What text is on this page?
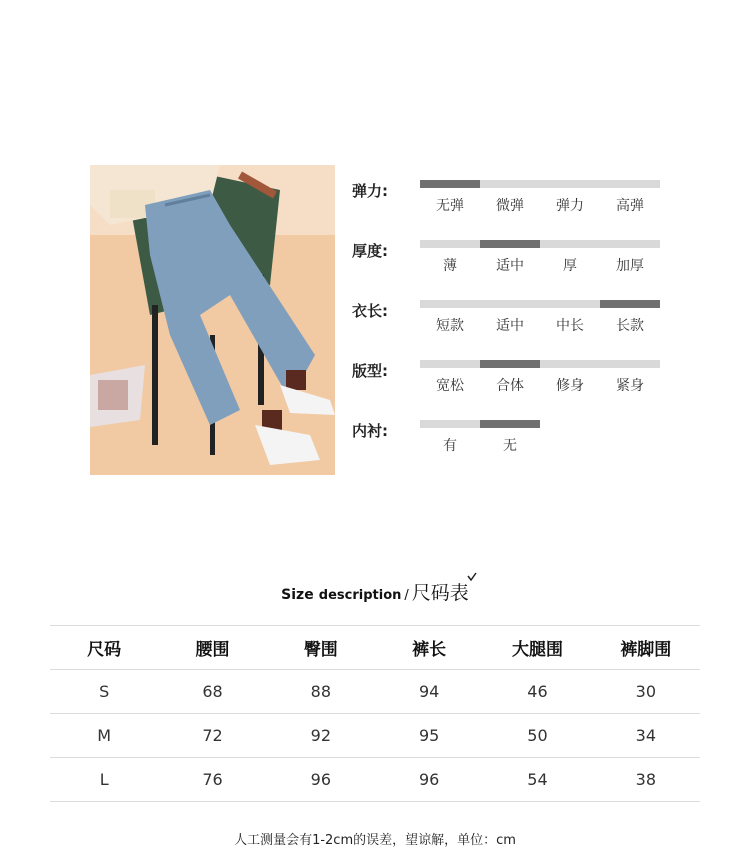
弹力:
无弹	微弹	弹力	高弹
厚度:
薄	适中	厚	加厚
衣长:
短款	适中	中长	长款
版型:
宽松	合体	修身	紧身
内衬:
有	无
Size description / 尺码表
尺码	腰围	臀围	裤长	大腿围	裤脚围
S	68	88	94	46	30
M	72	92	95	50	34
L	76	96	96	54	38
人工测量会有1-2cm的误差，望谅解，单位：cm
